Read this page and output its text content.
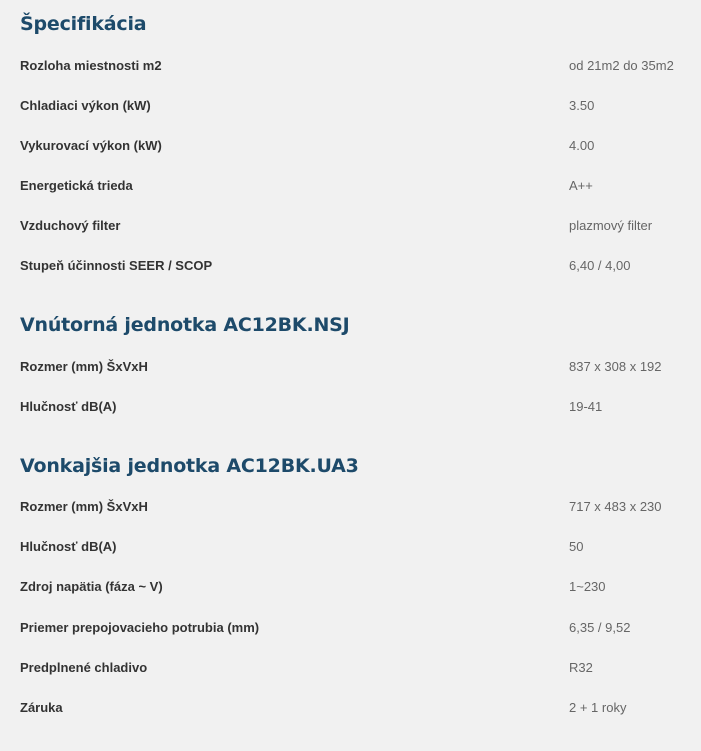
Špecifikácia
Rozloha miestnosti m2	od 21m2 do 35m2
Chladiaci výkon (kW)	3.50
Vykurovací výkon (kW)	4.00
Energetická trieda	A++
Vzduchový filter	plazmový filter
Stupeň účinnosti SEER / SCOP	6,40 / 4,00
Vnútorná jednotka AC12BK.NSJ
Rozmer (mm) ŠxVxH	837 x 308 x 192
Hlučnosť dB(A)	19-41
Vonkajšia jednotka AC12BK.UA3
Rozmer (mm) ŠxVxH	717 x 483 x 230
Hlučnosť dB(A)	50
Zdroj napätia (fáza ~ V)	1~230
Priemer prepojovacieho potrubia (mm)	6,35 / 9,52
Predplnené chladivo	R32
Záruka	2 + 1 roky
